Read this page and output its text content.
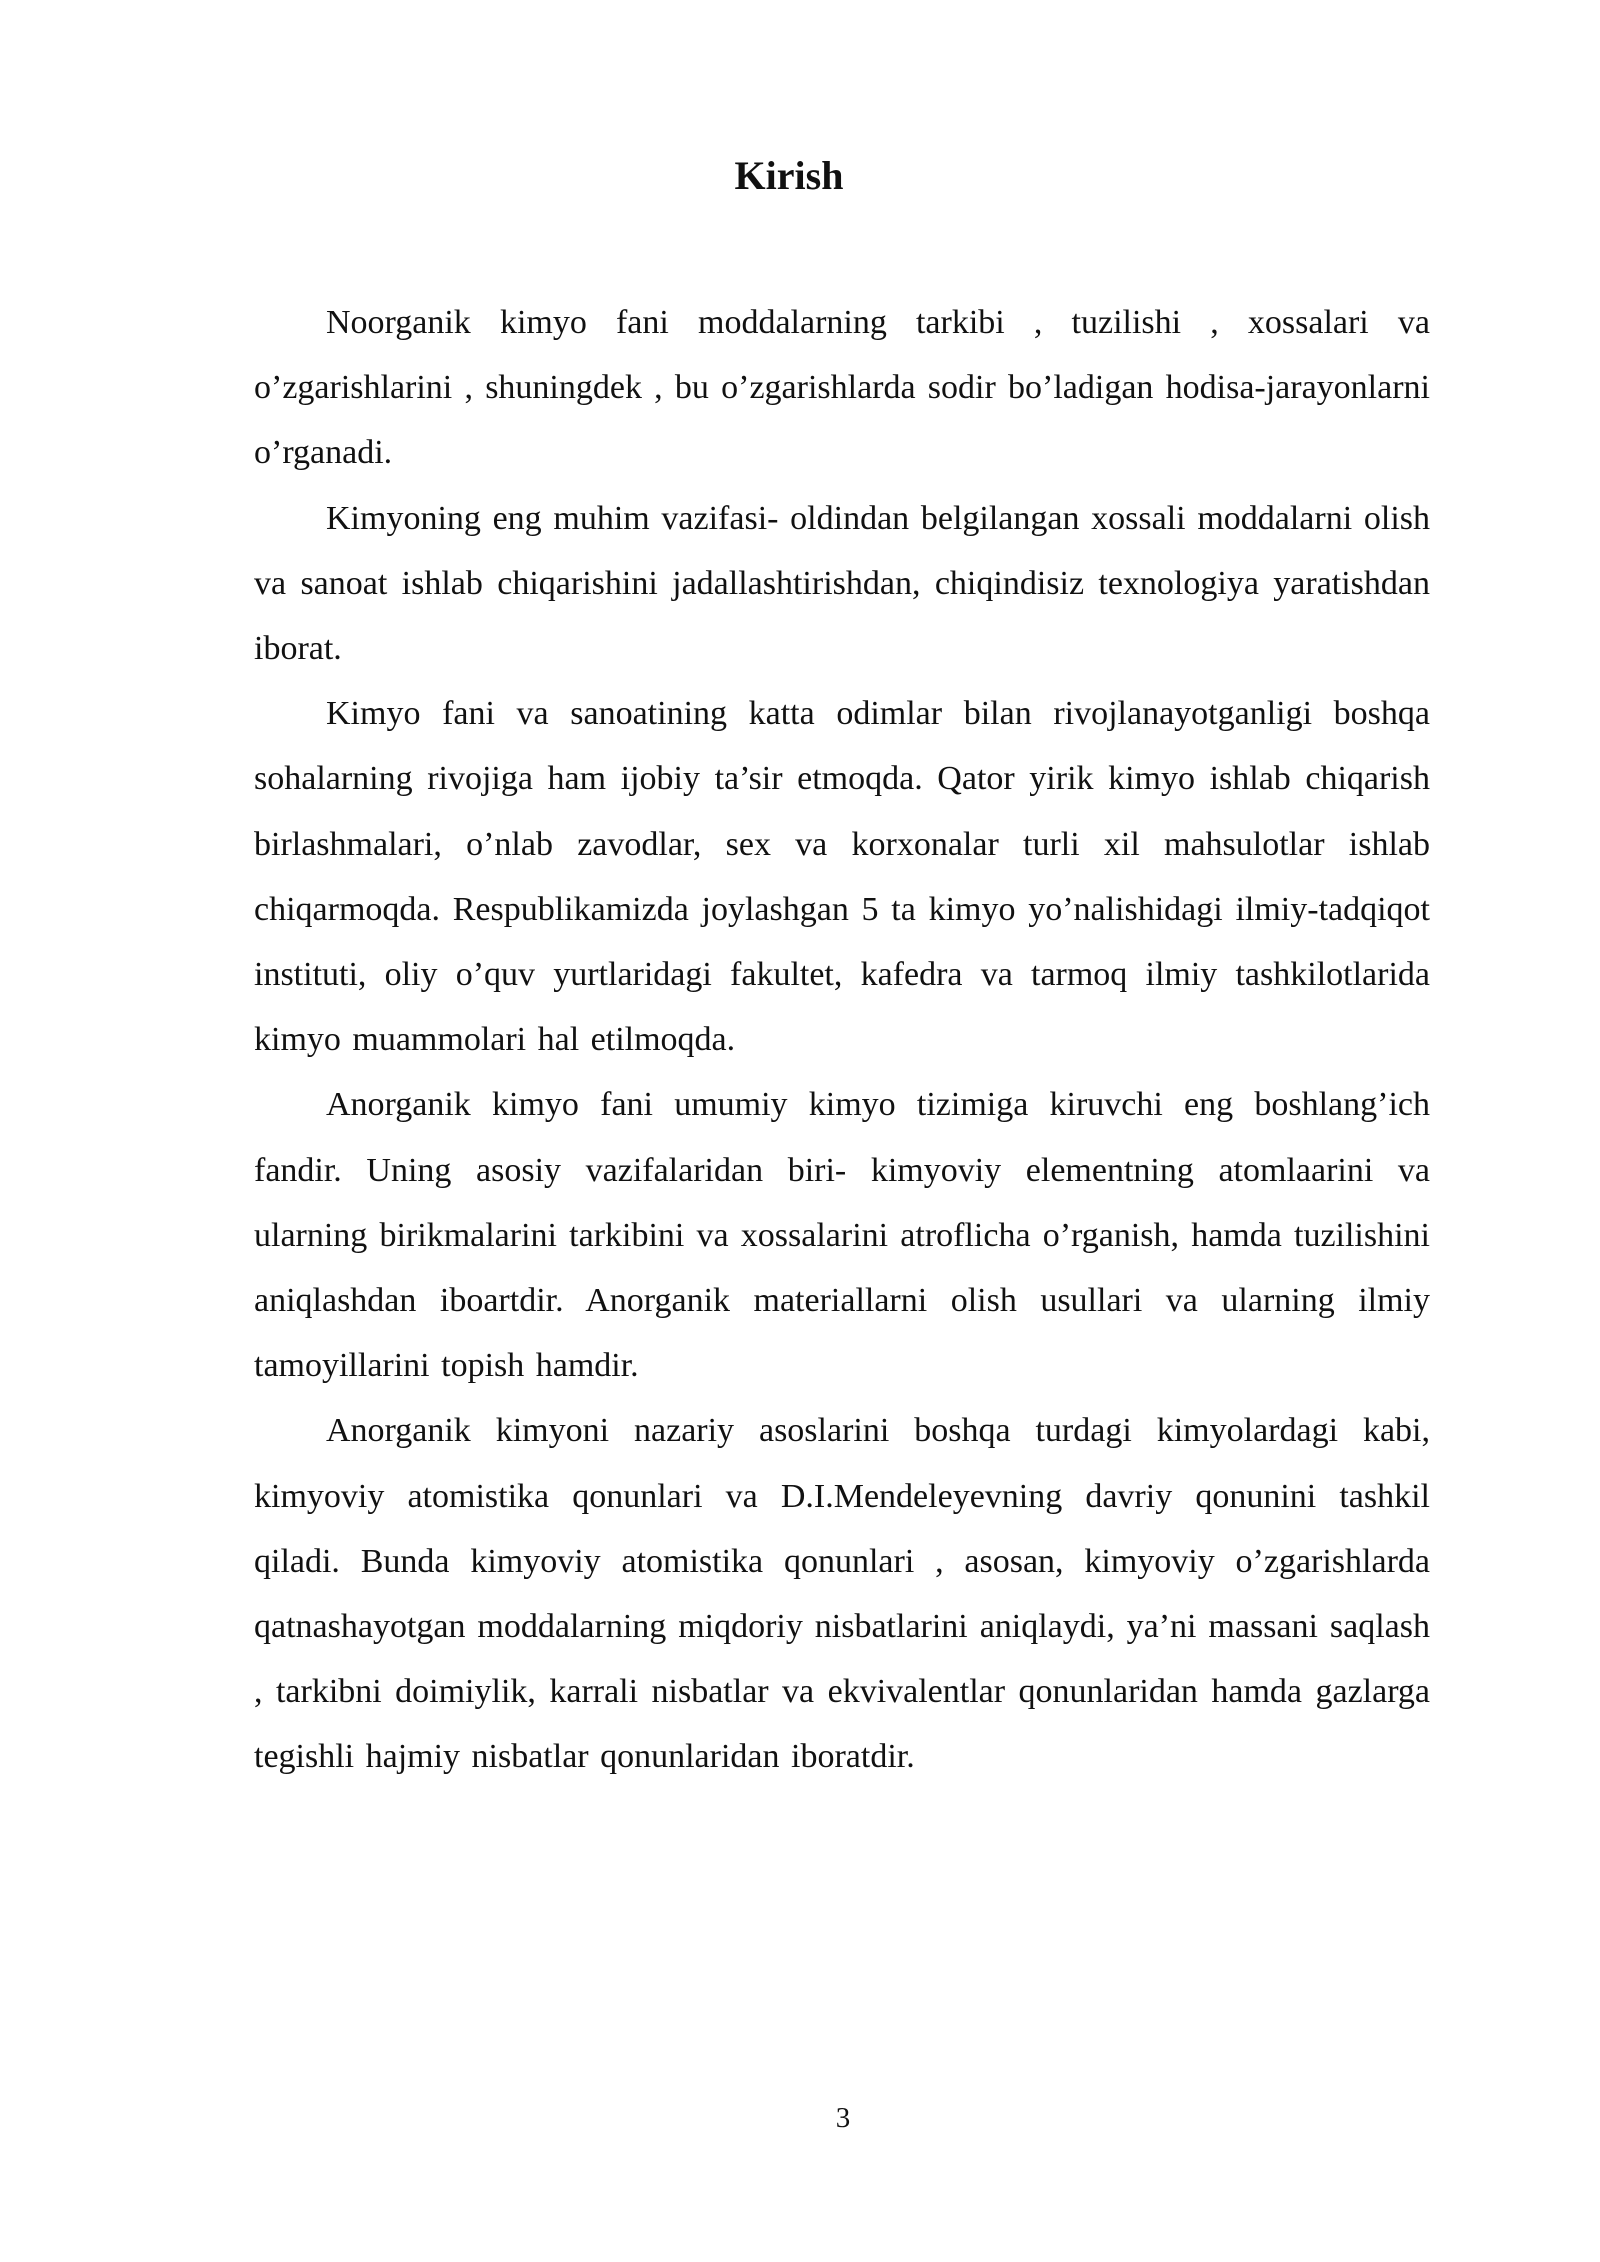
Kirish

Noorganik kimyo fani moddalarning tarkibi , tuzilishi , xossalari va o’zgarishlarini , shuningdek , bu o’zgarishlarda sodir bo’ladigan hodisa-jarayonlarni o’rganadi.

Kimyoning eng muhim vazifasi- oldindan belgilangan xossali moddalarni olish va sanoat ishlab chiqarishini jadallashtirishdan, chiqindisiz texnologiya yaratishdan iborat.

Kimyo fani va sanoatining katta odimlar bilan rivojlanayotganligi boshqa sohalarning rivojiga ham ijobiy ta’sir etmoqda. Qator yirik kimyo ishlab chiqarish birlashmalari, o’nlab zavodlar, sex va korxonalar turli xil mahsulotlar ishlab chiqarmoqda. Respublikamizda joylashgan 5 ta kimyo yo’nalishidagi ilmiy-tadqiqot instituti, oliy o’quv yurtlaridagi fakultet, kafedra va tarmoq ilmiy tashkilotlarida kimyo muammolari hal etilmoqda.

Anorganik kimyo fani umumiy kimyo tizimiga kiruvchi eng boshlang’ich fandir. Uning asosiy vazifalaridan biri- kimyoviy elementning atomlaarini va ularning birikmalarini tarkibini va xossalarini atroflicha o’rganish, hamda tuzilishini aniqlashdan iboartdir. Anorganik materiallarni olish usullari va ularning ilmiy tamoyillarini topish hamdir.

Anorganik kimyoni nazariy asoslarini boshqa turdagi kimyolardagi kabi, kimyoviy atomistika qonunlari va D.I.Mendeleyevning davriy qonunini tashkil qiladi. Bunda kimyoviy atomistika qonunlari , asosan, kimyoviy o’zgarishlarda qatnashayotgan moddalarning miqdoriy nisbatlarini aniqlaydi, ya’ni massani saqlash , tarkibni doimiylik, karrali nisbatlar va ekvivalentlar qonunlaridan hamda gazlarga tegishli hajmiy nisbatlar qonunlaridan iboratdir.

3
